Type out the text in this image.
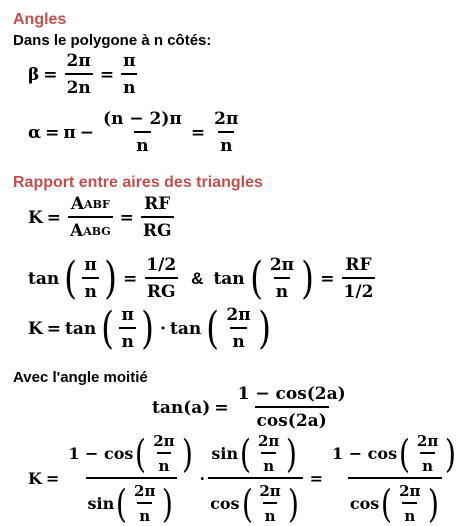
Angles

Dans le polygone à n côtés:

$\beta = \frac{2\pi}{2n} = \frac{\pi}{n}$
$\alpha = \pi - \frac{(n - 2)\pi}{n} = \frac{2\pi}{n}$

Rapport entre aires des triangles

$K = \frac{\text{A ABF}}{\text{A ABG}} = \frac{RF}{RG}$
tan ( $\frac{\pi}{n}$ ) = $\frac{1/2}{RG}$ & tan ( $\frac{2\pi}{n}$ ) = $\frac{RF}{1/2}$
K = tan ( $\frac{\pi}{n}$ ) · tan ( $\frac{2\pi}{n}$ )

Avec l'angle moitié

$\tan(a) = \frac{1 - \cos(2a)}{\cos(2a)}$
$K = \frac{1 - \cos ( \frac{2\pi}{n} )}{\sin ( \frac{2\pi}{n} )} \cdot \frac{\sin ( \frac{2\pi}{n} )}{\cos ( \frac{2\pi}{n} )} = \frac{1 - \cos ( \frac{2\pi}{n} )}{\cos ( \frac{2\pi}{n} )}$
